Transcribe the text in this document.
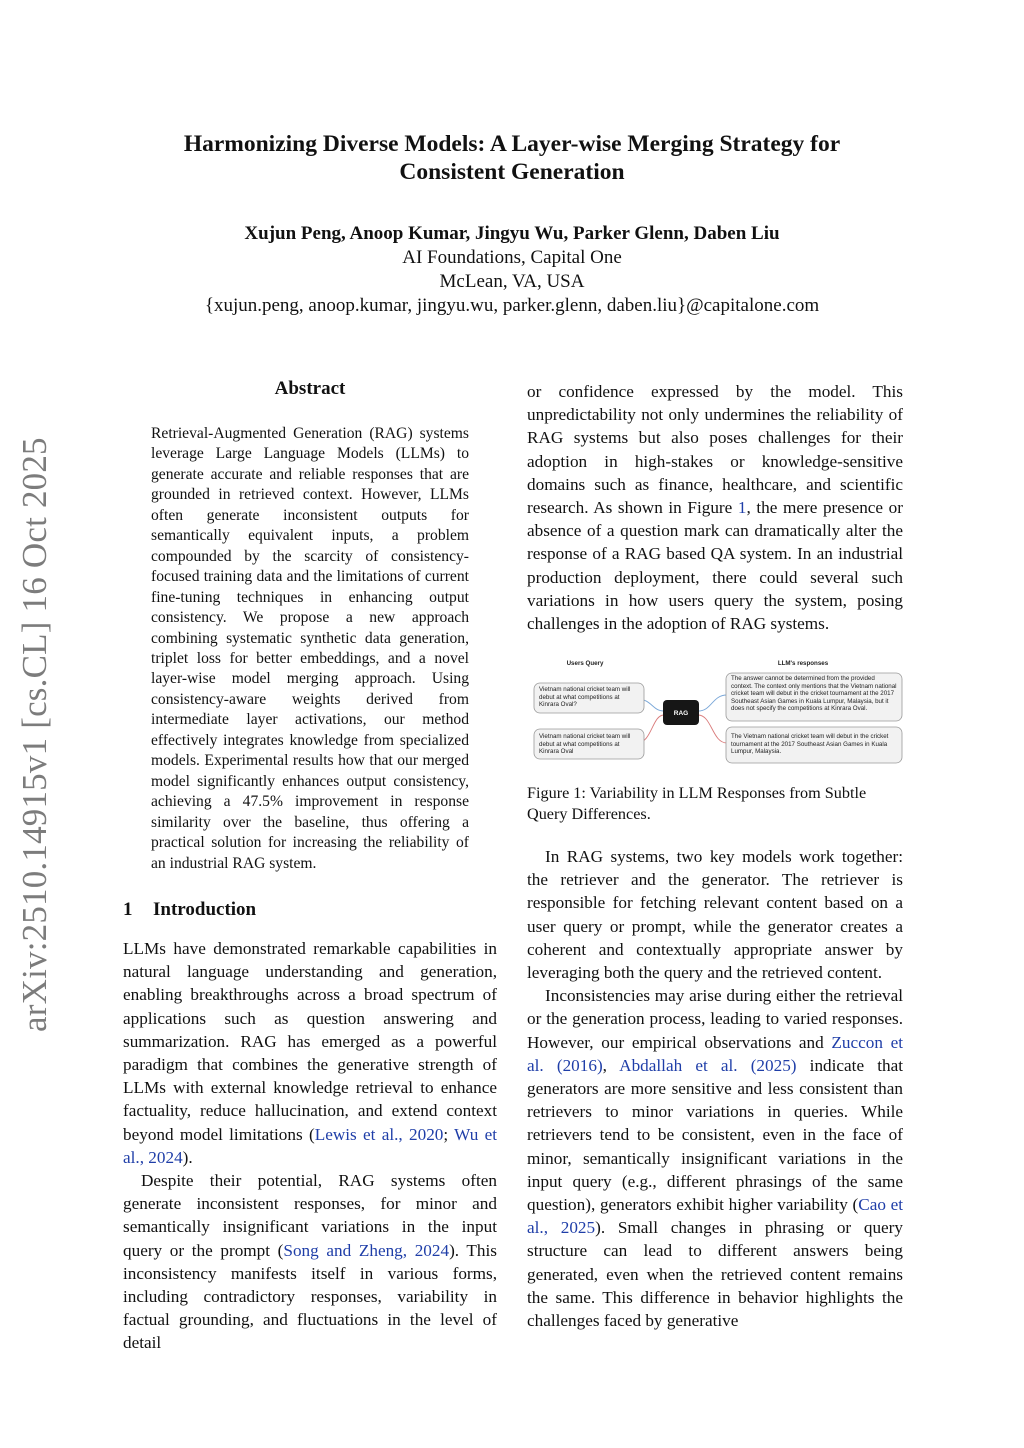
Harmonizing Diverse Models: A Layer-wise Merging Strategy for
Consistent Generation
Xujun Peng, Anoop Kumar, Jingyu Wu, Parker Glenn, Daben Liu
AI Foundations, Capital One
McLean, VA, USA
{xujun.peng, anoop.kumar, jingyu.wu, parker.glenn, daben.liu}@capitalone.com
arXiv:2510.14915v1 [cs.CL] 16 Oct 2025
Abstract
Retrieval-Augmented Generation (RAG) systems leverage Large Language Models (LLMs) to generate accurate and reliable responses that are grounded in retrieved context. However, LLMs often generate inconsistent outputs for semantically equivalent inputs, a problem compounded by the scarcity of consistency-focused training data and the limitations of current fine-tuning techniques in enhancing output consistency. We propose a new approach combining systematic synthetic data generation, triplet loss for better embeddings, and a novel layer-wise model merging approach. Using consistency-aware weights derived from intermediate layer activations, our method effectively integrates knowledge from specialized models. Experimental results how that our merged model significantly enhances output consistency, achieving a 47.5% improvement in response similarity over the baseline, thus offering a practical solution for increasing the reliability of an industrial RAG system.
1 Introduction

LLMs have demonstrated remarkable capabilities in natural language understanding and generation, enabling breakthroughs across a broad spectrum of applications such as question answering and summarization. RAG has emerged as a powerful paradigm that combines the generative strength of LLMs with external knowledge retrieval to enhance factuality, reduce hallucination, and extend context beyond model limitations (Lewis et al., 2020; Wu et al., 2024).

Despite their potential, RAG systems often generate inconsistent responses, for minor and semantically insignificant variations in the input query or the prompt (Song and Zheng, 2024). This inconsistency manifests itself in various forms, including contradictory responses, variability in factual grounding, and fluctuations in the level of detail

or confidence expressed by the model. This unpredictability not only undermines the reliability of RAG systems but also poses challenges for their adoption in high-stakes or knowledge-sensitive domains such as finance, healthcare, and scientific research. As shown in Figure 1, the mere presence or absence of a question mark can dramatically alter the response of a RAG based QA system. In an industrial production deployment, there could several such variations in how users query the system, posing challenges in the adoption of RAG systems.

Users Query	LLM's responses
Vietnam national cricket team will debut at what competitions at Kinrara Oval?
Vietnam national cricket team will debut at what competitions at Kinrara Oval
RAG
The answer cannot be determined from the provided context. The context only mentions that the Vietnam national cricket team will debut in the cricket tournament at the 2017 Southeast Asian Games in Kuala Lumpur, Malaysia, but it does not specify the competitions at Kinrara Oval.
The Vietnam national cricket team will debut in the cricket tournament at the 2017 Southeast Asian Games in Kuala Lumpur, Malaysia.
Figure 1: Variability in LLM Responses from Subtle Query Differences.

In RAG systems, two key models work together: the retriever and the generator. The retriever is responsible for fetching relevant content based on a user query or prompt, while the generator creates a coherent and contextually appropriate answer by leveraging both the query and the retrieved content.

Inconsistencies may arise during either the retrieval or the generation process, leading to varied responses. However, our empirical observations and Zuccon et al. (2016), Abdallah et al. (2025) indicate that generators are more sensitive and less consistent than retrievers to minor variations in queries. While retrievers tend to be consistent, even in the face of minor, semantically insignificant variations in the input query (e.g., different phrasings of the same question), generators exhibit higher variability (Cao et al., 2025). Small changes in phrasing or query structure can lead to different answers being generated, even when the retrieved content remains the same. This difference in behavior highlights the challenges faced by generative
